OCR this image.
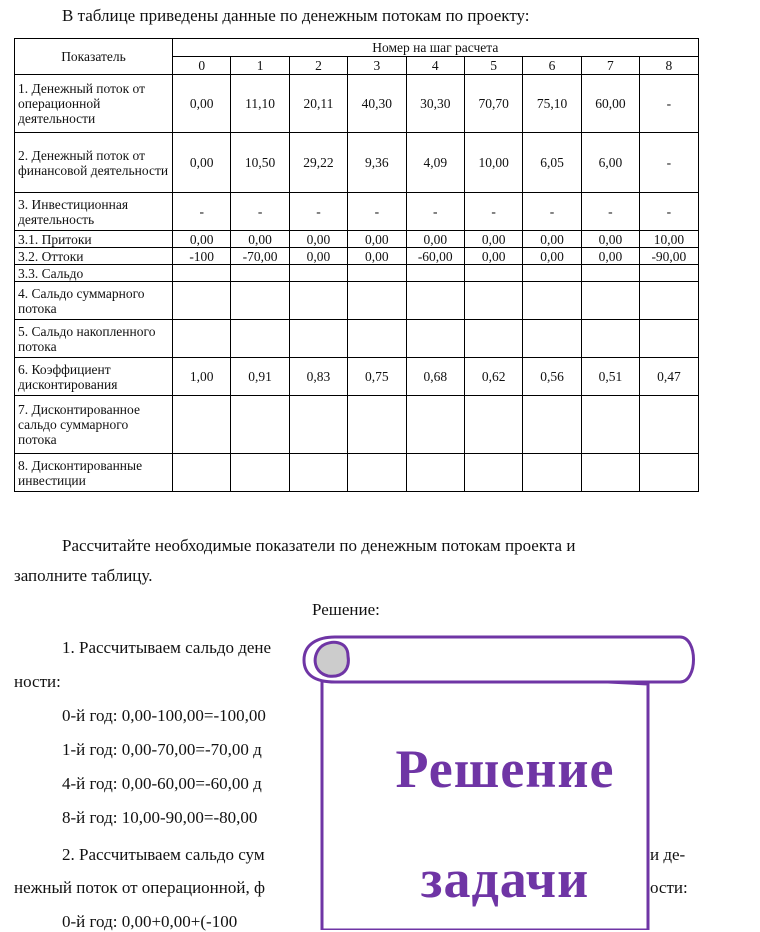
В таблице приведены данные по денежным потокам по проекту:
Показатель	Номер на шаг расчета								
	0	1	2	3	4	5	6	7	8
1. Денежный поток от операционной деятельности	0,00	11,10	20,11	40,30	30,30	70,70	75,10	60,00	-
2. Денежный поток от финансовой деятельности	0,00	10,50	29,22	9,36	4,09	10,00	6,05	6,00	-
3. Инвестиционная деятельность	-	-	-	-	-	-	-	-	-
3.1. Притоки	0,00	0,00	0,00	0,00	0,00	0,00	0,00	0,00	10,00
3.2. Оттоки	-100	-70,00	0,00	0,00	-60,00	0,00	0,00	0,00	-90,00
3.3. Сальдо									
4. Сальдо суммарного потока									
5. Сальдо накопленного потока									
6. Коэффициент дисконтирования	1,00	0,91	0,83	0,75	0,68	0,62	0,56	0,51	0,47
7. Дисконтированное сальдо суммарного потока									
8. Дисконтированные инвестиции									
Рассчитайте необходимые показатели по денежным потокам проекта и
заполните таблицу.
Решение:
1. Рассчитываем сальдо дене
ности:
0-й год: 0,00-100,00=-100,00
1-й год: 0,00-70,00=-70,00 д
4-й год: 0,00-60,00=-60,00 д
8-й год: 10,00-90,00=-80,00
2. Рассчитываем сальдо сум	и де-
нежный поток от операционной, ф	ости:
0-й год: 0,00+0,00+(-100
Решение
задачи
